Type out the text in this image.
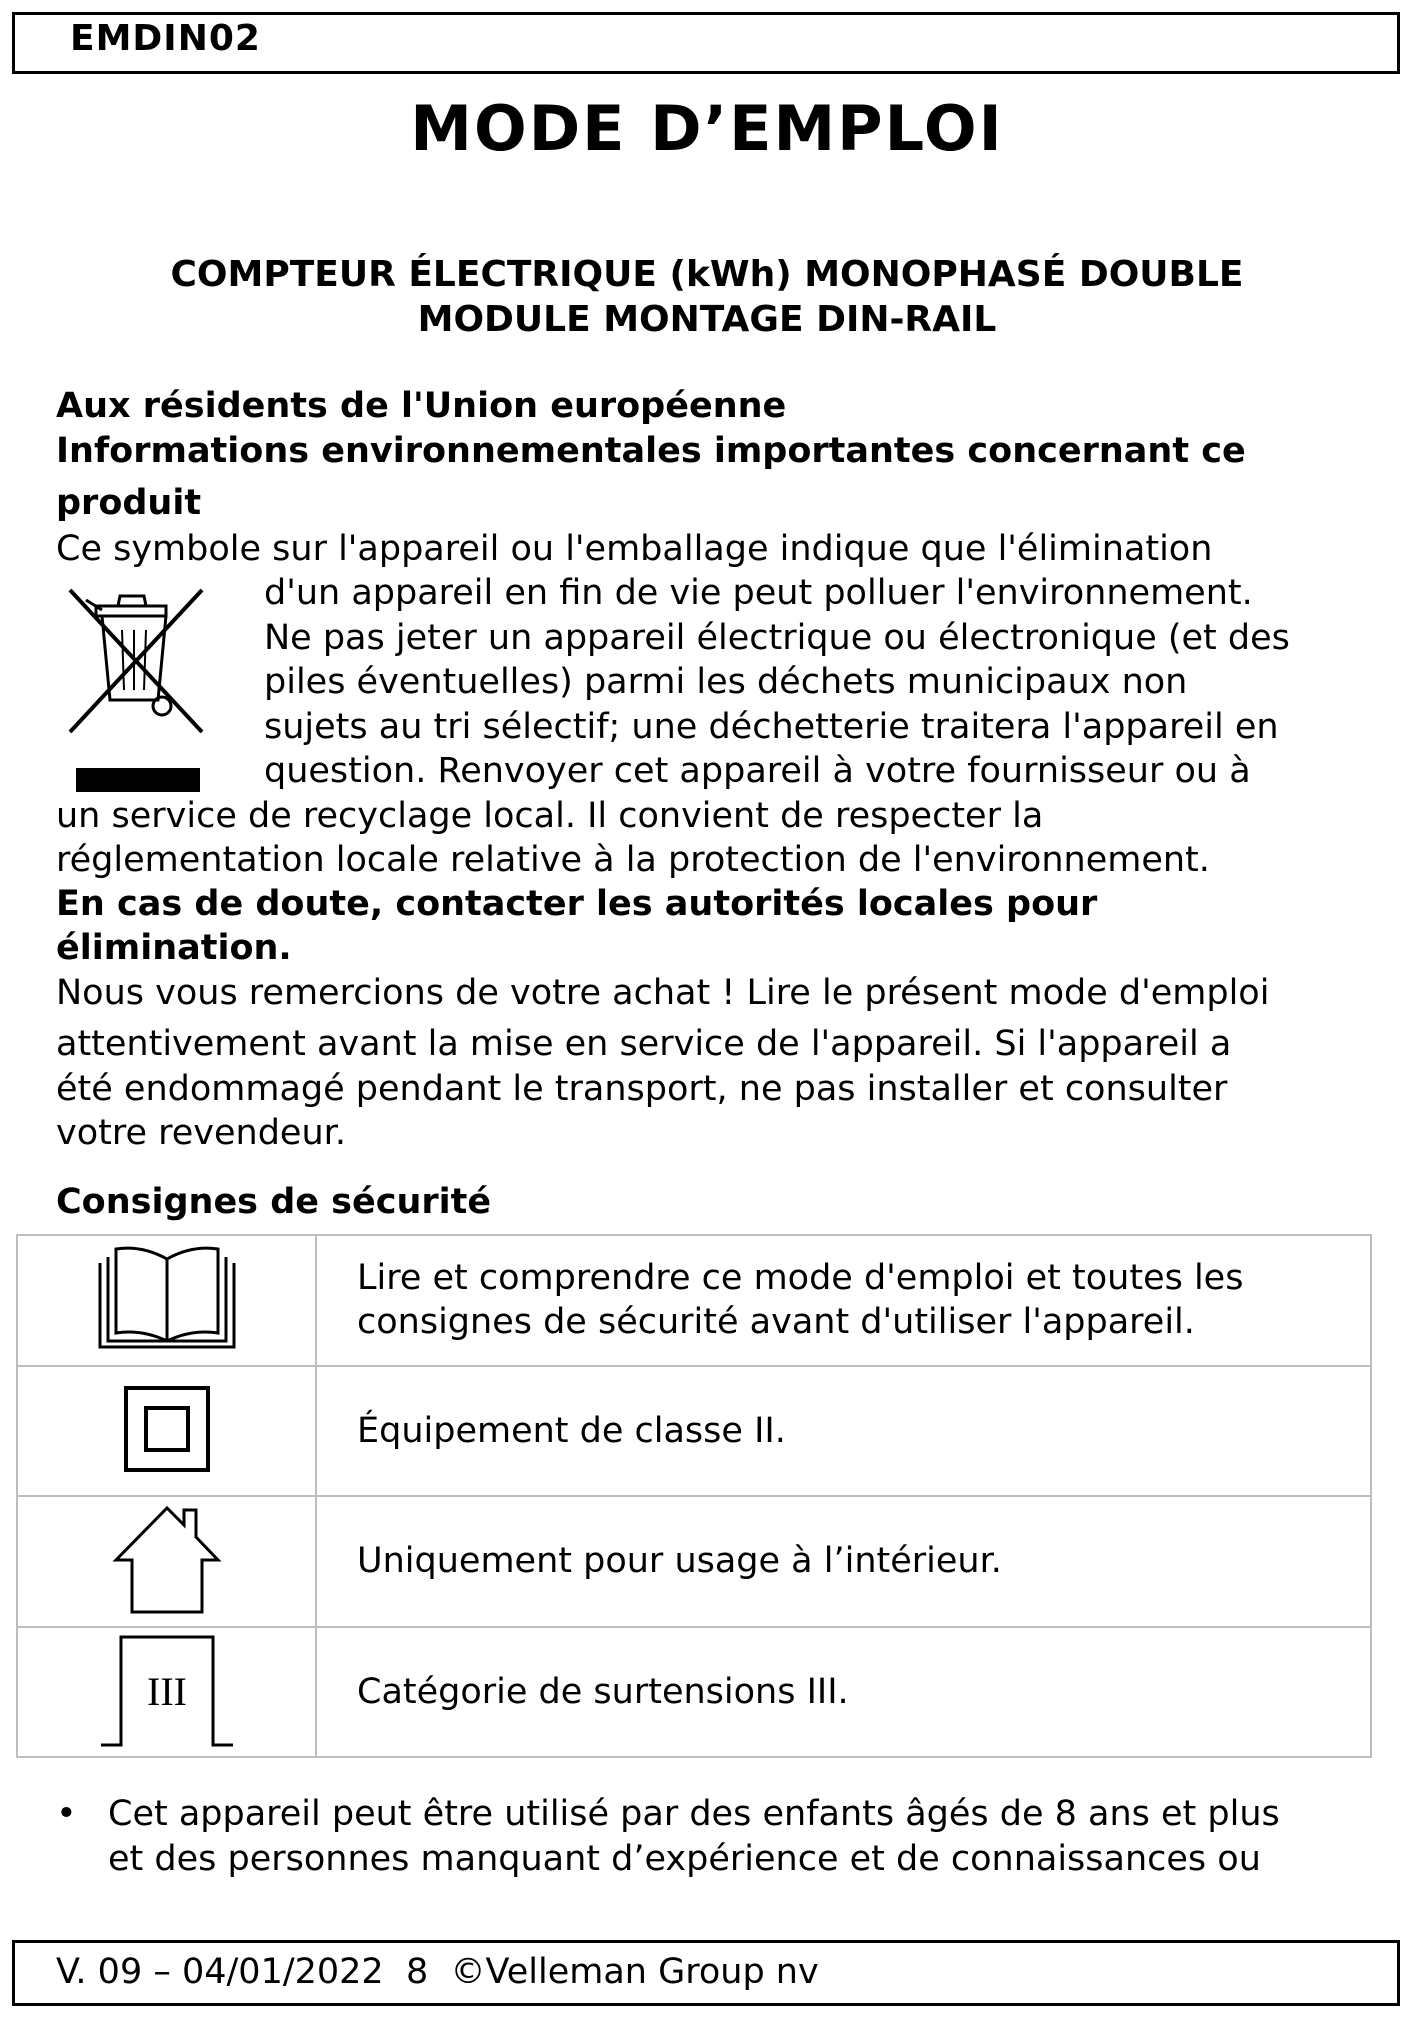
EMDIN02
MODE D’EMPLOI
COMPTEUR ÉLECTRIQUE (kWh) MONOPHASÉ DOUBLE
MODULE MONTAGE DIN-RAIL
Aux résidents de l'Union européenne
Informations environnementales importantes concernant ce
produit
Ce symbole sur l'appareil ou l'emballage indique que l'élimination
d'un appareil en fin de vie peut polluer l'environnement.
Ne pas jeter un appareil électrique ou électronique (et des
piles éventuelles) parmi les déchets municipaux non
sujets au tri sélectif; une déchetterie traitera l'appareil en
question. Renvoyer cet appareil à votre fournisseur ou à
un service de recyclage local. Il convient de respecter la
réglementation locale relative à la protection de l'environnement.
En cas de doute, contacter les autorités locales pour
élimination.
Nous vous remercions de votre achat ! Lire le présent mode d'emploi
attentivement avant la mise en service de l'appareil. Si l'appareil a
été endommagé pendant le transport, ne pas installer et consulter
votre revendeur.
Consignes de sécurité

Lire et comprendre ce mode d'emploi et toutes les
consignes de sécurité avant d'utiliser l'appareil.

Équipement de classe II.

Uniquement pour usage à l’intérieur.

III	Catégorie de surtensions III.
• Cet appareil peut être utilisé par des enfants âgés de 8 ans et plus
et des personnes manquant d’expérience et de connaissances ou
V. 09 – 04/01/2022 8 ©Velleman Group nv
